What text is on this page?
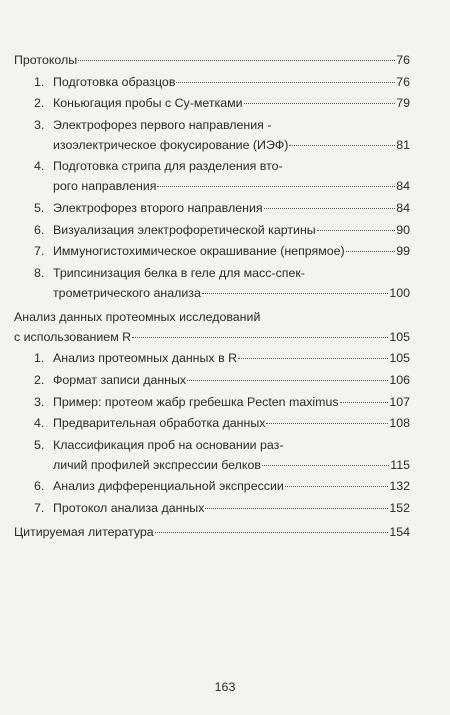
Протоколы	76
1. Подготовка образцов	76
2. Коньюгация пробы с Су-метками	79
3. Электрофорез первого направления -
изоэлектрическое фокусирование (ИЭФ)	81
4. Подготовка стрипа для разделения вто-
рого направления	84
5. Электрофорез второго направления	84
6. Визуализация электрофоретической картины	90
7. Иммуногистохимическое окрашивание (непрямое)	99
8. Трипсинизация белка в геле для масс-спек-
трометрического анализа	100
Анализ данных протеомных исследований
с использованием R	105
1. Анализ протеомных данных в R	105
2. Формат записи данных	106
3. Пример: протеом жабр гребешка Pecten maximus	107
4. Предварительная обработка данных	108
5. Классификация проб на основании раз-
личий профилей экспрессии белков	115
6. Анализ дифференциальной экспрессии	132
7. Протокол анализа данных	152
Цитируемая литература	154
163
